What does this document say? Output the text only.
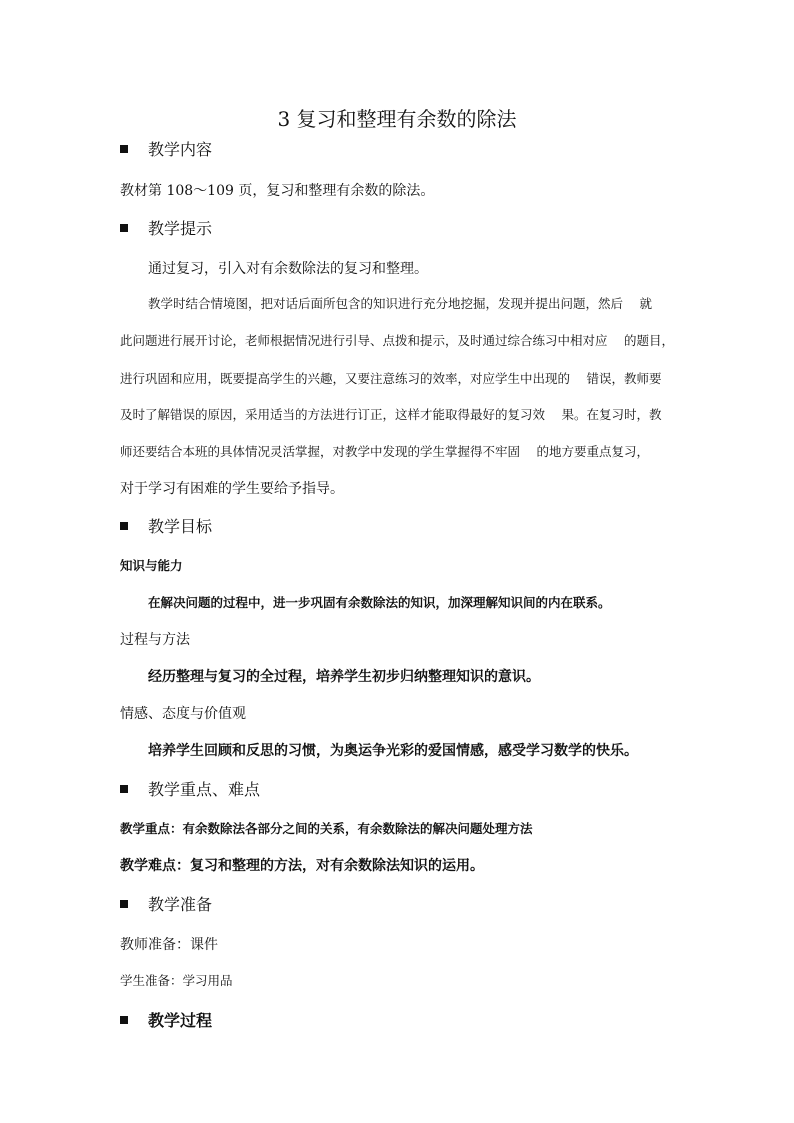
3 复习和整理有余数的除法
教学内容
教材第 108～109 页，复习和整理有余数的除法。
教学提示
通过复习，引入对有余数除法的复习和整理。
教学时结合情境图，把对话后面所包含的知识进行充分地挖掘，发现并提出问题，然后　 就
此问题进行展开讨论，老师根据情况进行引导、点拨和提示，及时通过综合练习中相对应　 的题目，
进行巩固和应用，既要提高学生的兴趣，又要注意练习的效率，对应学生中出现的　 错误，教师要
及时了解错误的原因，采用适当的方法进行订正，这样才能取得最好的复习效　 果。在复习时，教
师还要结合本班的具体情况灵活掌握，对教学中发现的学生掌握得不牢固　 的地方要重点复习，
对于学习有困难的学生要给予指导。
教学目标
知识与能力
在解决问题的过程中，进一步巩固有余数除法的知识，加深理解知识间的内在联系。
过程与方法
经历整理与复习的全过程，培养学生初步归纳整理知识的意识。
情感、态度与价值观
培养学生回顾和反思的习惯，为奥运争光彩的爱国情感，感受学习数学的快乐。
教学重点、难点
教学重点：有余数除法各部分之间的关系，有余数除法的解决问题处理方法
教学难点：复习和整理的方法，对有余数除法知识的运用。
教学准备
教师准备：课件
学生准备：学习用品
教学过程
